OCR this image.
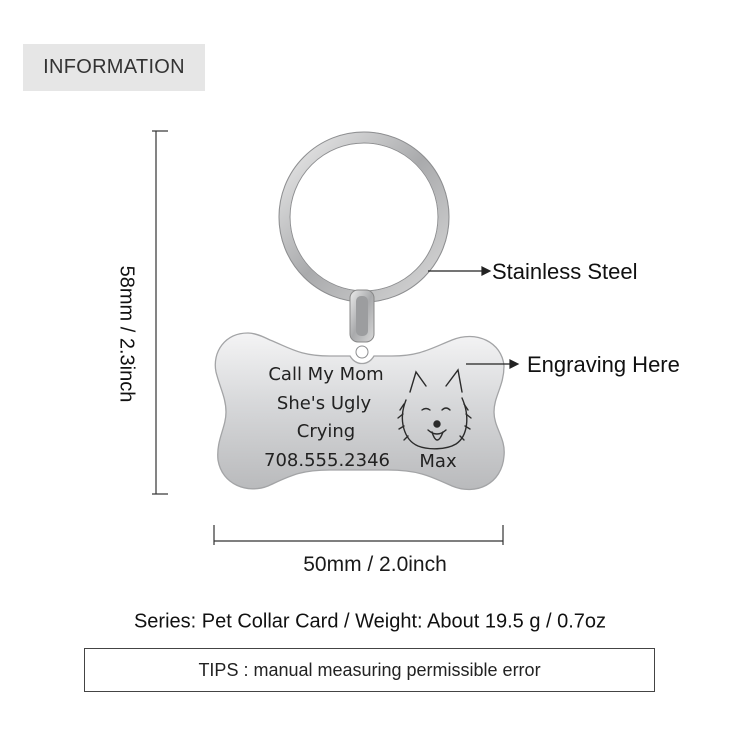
INFORMATION
58mm / 2.3inch
50mm / 2.0inch
Stainless Steel
Engraving Here
Call My Mom
She's Ugly
Crying
708.555.2346 Max
Series: Pet Collar Card / Weight: About 19.5 g / 0.7oz
TIPS : manual measuring permissible error
